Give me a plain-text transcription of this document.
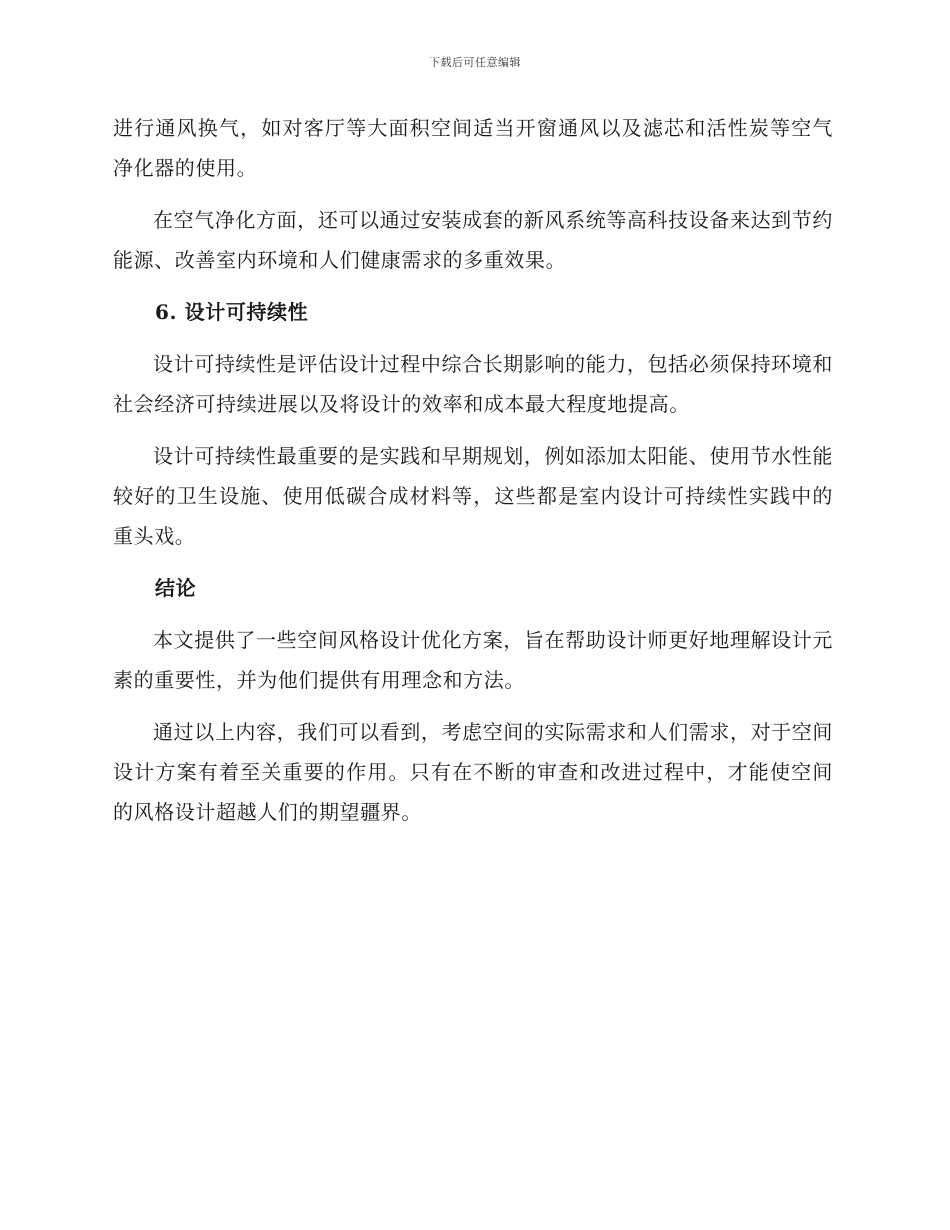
下载后可任意编辑

进行通风换气，如对客厅等大面积空间适当开窗通风以及滤芯和活性炭等空气净化器的使用。

在空气净化方面，还可以通过安装成套的新风系统等高科技设备来达到节约能源、改善室内环境和人们健康需求的多重效果。

6. 设计可持续性

设计可持续性是评估设计过程中综合长期影响的能力，包括必须保持环境和社会经济可持续进展以及将设计的效率和成本最大程度地提高。

设计可持续性最重要的是实践和早期规划，例如添加太阳能、使用节水性能较好的卫生设施、使用低碳合成材料等，这些都是室内设计可持续性实践中的重头戏。

结论

本文提供了一些空间风格设计优化方案，旨在帮助设计师更好地理解设计元素的重要性，并为他们提供有用理念和方法。

通过以上内容，我们可以看到，考虑空间的实际需求和人们需求，对于空间设计方案有着至关重要的作用。只有在不断的审查和改进过程中，才能使空间的风格设计超越人们的期望疆界。
